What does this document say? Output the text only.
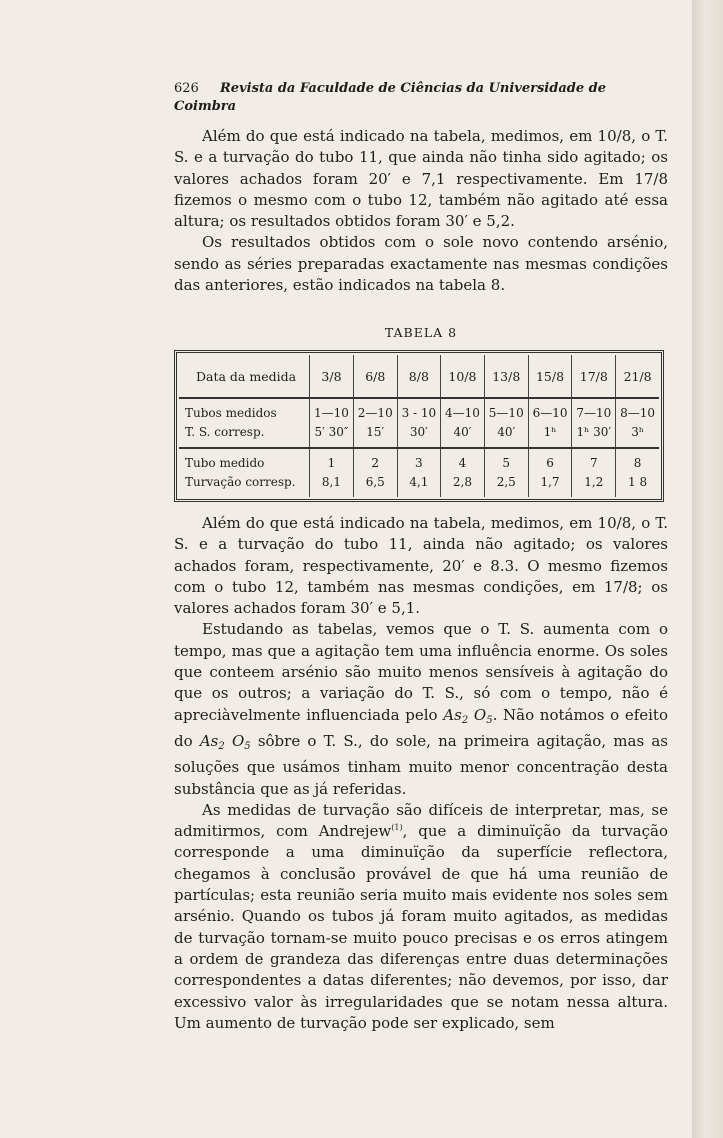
626 Revista da Faculdade de Ciências da Universidade de Coimbra

Além do que está indicado na tabela, medimos, em 10/8, o T. S. e a turvação do tubo 11, que ainda não tinha sido agitado; os valores achados foram 20′ e 7,1 respectivamente. Em 17/8 fizemos o mesmo com o tubo 12, também não agitado até essa altura; os resultados obtidos foram 30′ e 5,2.

Os resultados obtidos com o sole novo contendo arsénio, sendo as séries preparadas exactamente nas mesmas condições das anteriores, estão indicados na tabela 8.

TABELA 8
Data da medida	3/8	6/8	8/8	10/8	13/8	15/8	17/8	21/8
Tubos medidos	1—10	2—10	3 - 10	4—10	5—10	6—10	7—10	8—10
T. S. corresp.	5′ 30″	15′	30′	40′	40′	1ʰ	1ʰ 30′	3ʰ
Tubo medido	1	2	3	4	5	6	7	8
Turvação corresp.	8,1	6,5	4,1	2,8	2,5	1,7	1,2	1 8

Além do que está indicado na tabela, medimos, em 10/8, o T. S. e a turvação do tubo 11, ainda não agitado; os valores achados foram, respectivamente, 20′ e 8.3. O mesmo fizemos com o tubo 12, também nas mesmas condições, em 17/8; os valores achados foram 30′ e 5,1.

Estudando as tabelas, vemos que o T. S. aumenta com o tempo, mas que a agitação tem uma influência enorme. Os soles que conteem arsénio são muito menos sensíveis à agitação do que os outros; a variação do T. S., só com o tempo, não é apreciàvelmente influenciada pelo $As_2$ $O_5$. Não notámos o efeito do $As_2$ $O_5$ sôbre o T. S., do sole, na primeira agitação, mas as soluções que usámos tinham muito menor concentração desta substância que as já referidas.

As medidas de turvação são difíceis de interpretar, mas, se admitirmos, com Andrejew$^{(1)}$, que a diminuïção da turvação corresponde a uma diminuïção da superfície reflectora, chegamos à conclusão provável de que há uma reunião de partículas; esta reunião seria muito mais evidente nos soles sem arsénio. Quando os tubos já foram muito agitados, as medidas de turvação tornam-se muito pouco precisas e os erros atingem a ordem de grandeza das diferenças entre duas determinações correspondentes a datas diferentes; não devemos, por isso, dar excessivo valor às irregularidades que se notam nessa altura. Um aumento de turvação pode ser explicado, sem
